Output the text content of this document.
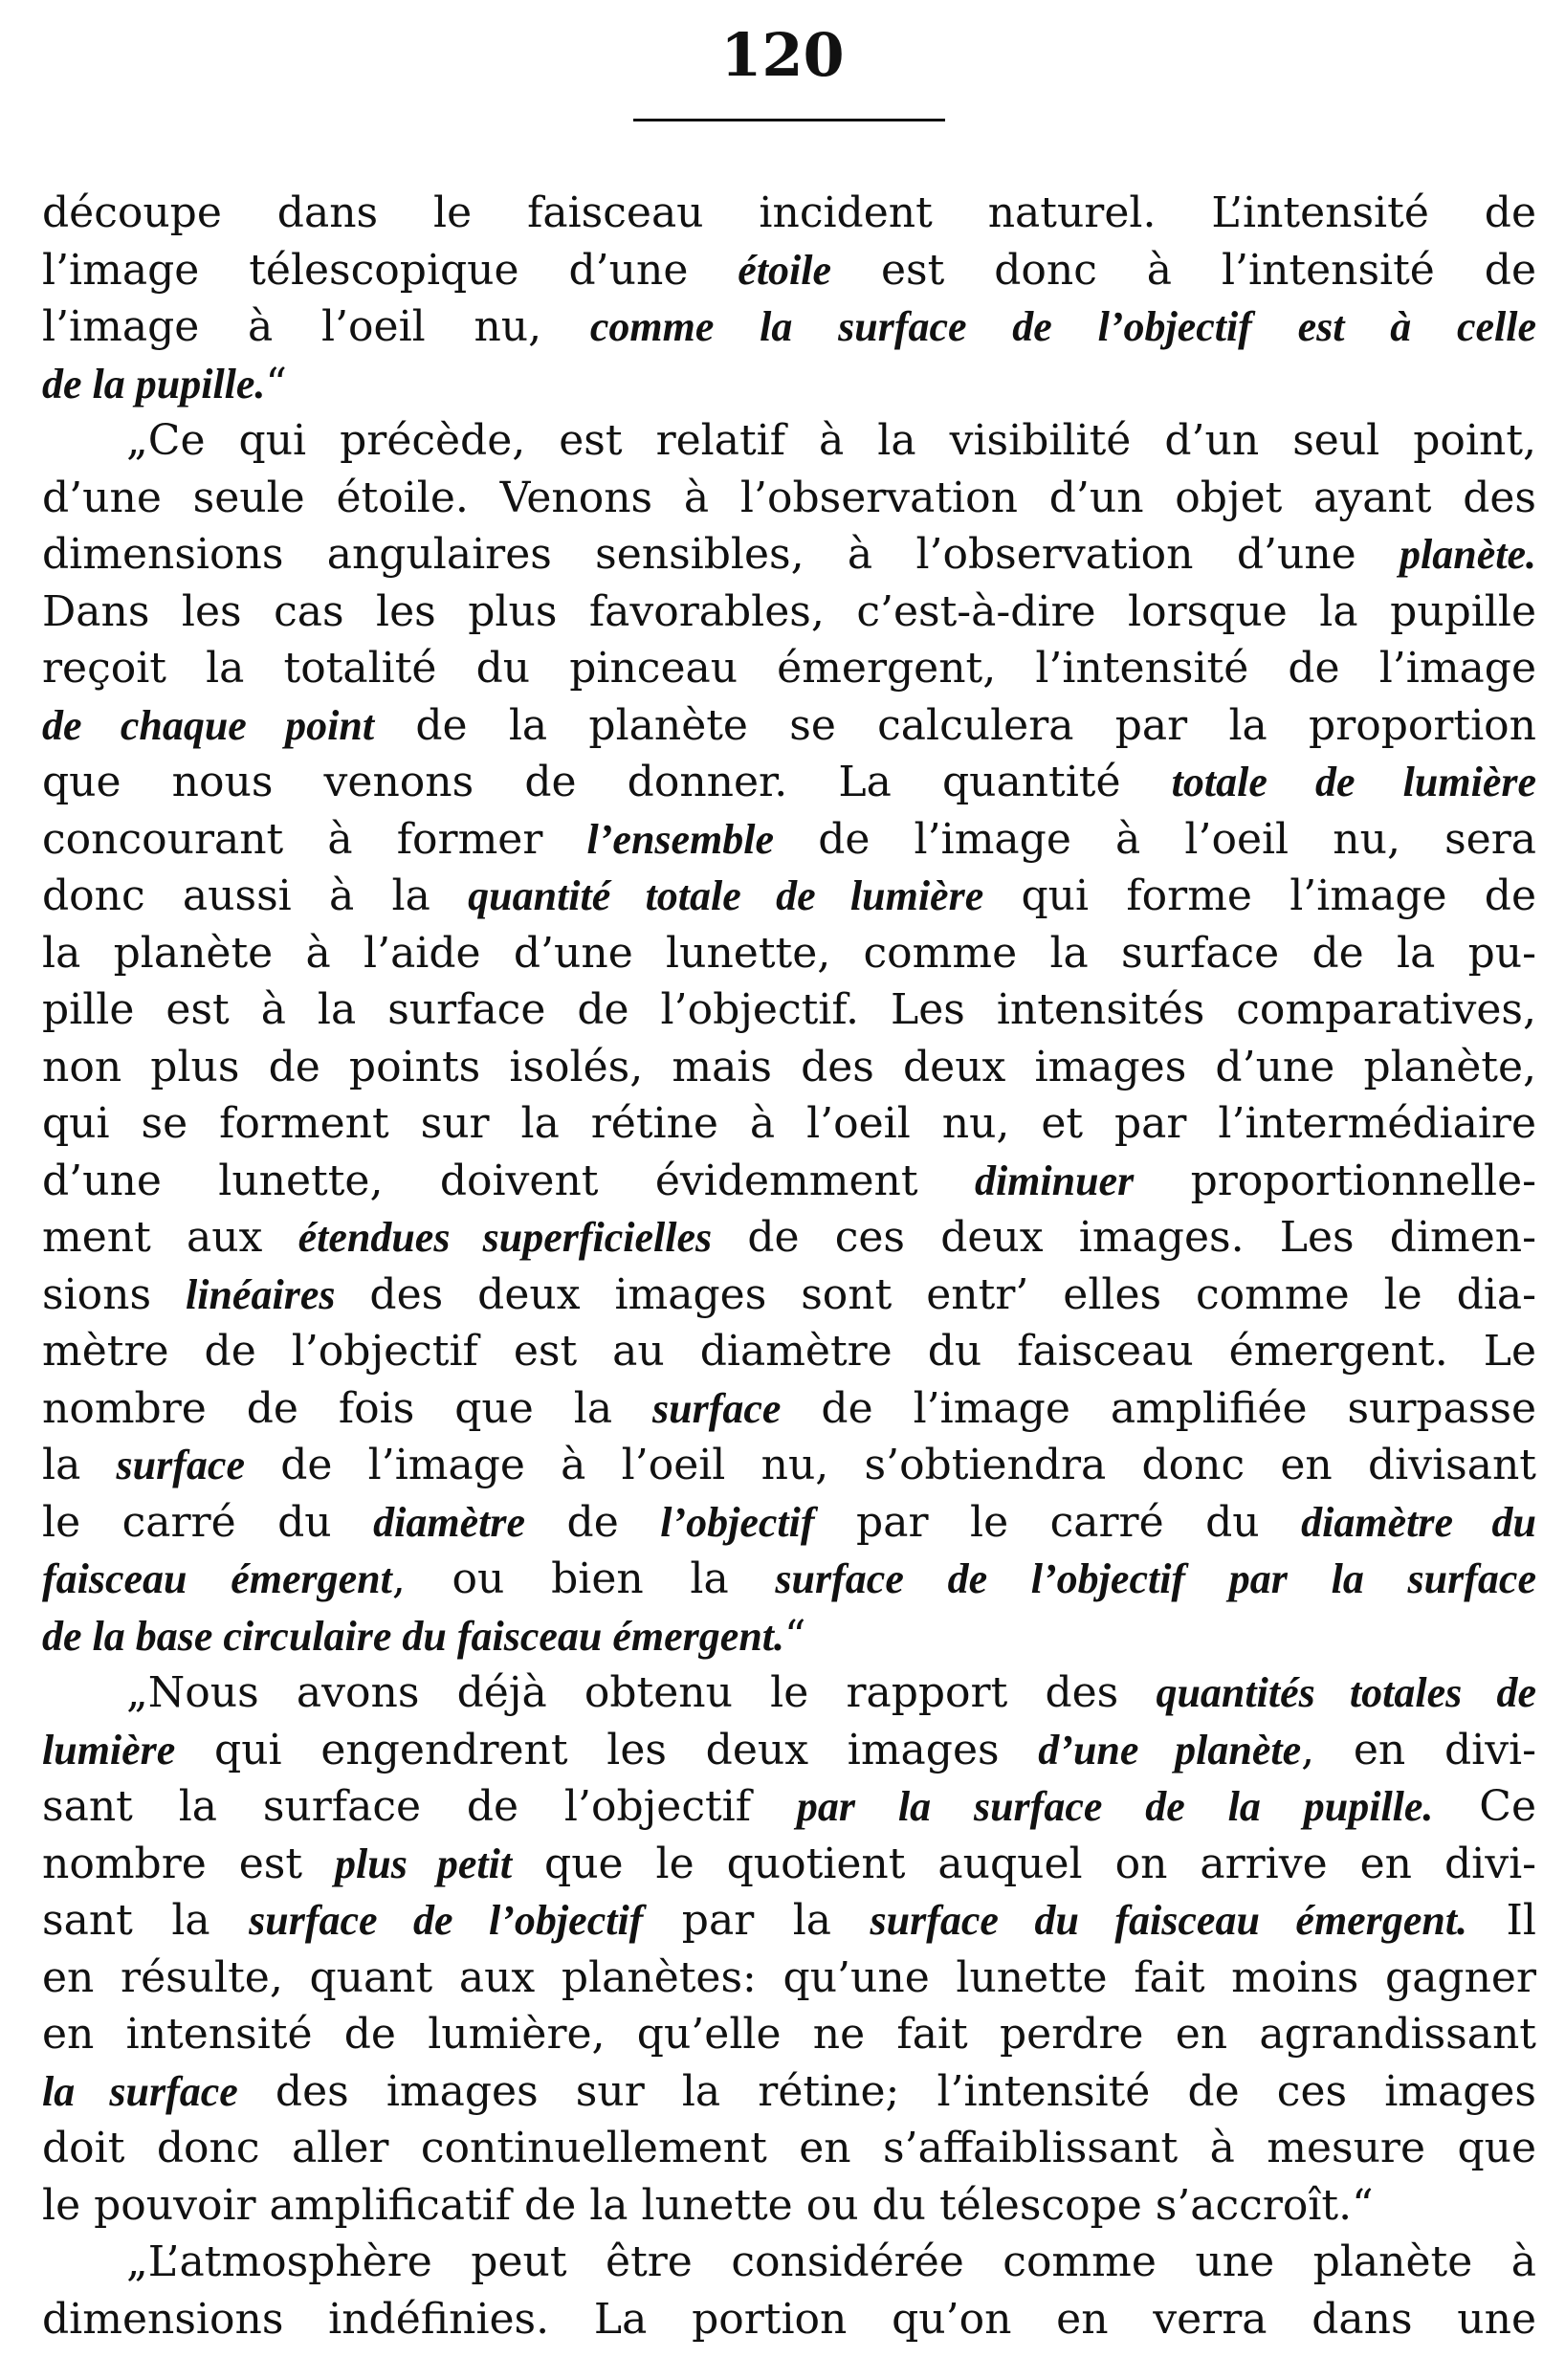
120
découpe dans le faisceau incident naturel. L’intensité de
l’image télescopique d’une étoile est donc à l’intensité de
l’image à l’oeil nu, comme la surface de l’objectif est à celle
de la pupille.“
„Ce qui précède, est relatif à la visibilité d’un seul point,
d’une seule étoile. Venons à l’observation d’un objet ayant des
dimensions angulaires sensibles, à l’observation d’une planète.
Dans les cas les plus favorables, c’est-à-dire lorsque la pupille
reçoit la totalité du pinceau émergent, l’intensité de l’image
de chaque point de la planète se calculera par la proportion
que nous venons de donner. La quantité totale de lumière
concourant à former l’ensemble de l’image à l’oeil nu, sera
donc aussi à la quantité totale de lumière qui forme l’image de
la planète à l’aide d’une lunette, comme la surface de la pu-
pille est à la surface de l’objectif. Les intensités comparatives,
non plus de points isolés, mais des deux images d’une planète,
qui se forment sur la rétine à l’oeil nu, et par l’intermédiaire
d’une lunette, doivent évidemment diminuer proportionnelle-
ment aux étendues superficielles de ces deux images. Les dimen-
sions linéaires des deux images sont entr’ elles comme le dia-
mètre de l’objectif est au diamètre du faisceau émergent. Le
nombre de fois que la surface de l’image amplifiée surpasse
la surface de l’image à l’oeil nu, s’obtiendra donc en divisant
le carré du diamètre de l’objectif par le carré du diamètre du
faisceau émergent, ou bien la surface de l’objectif par la surface
de la base circulaire du faisceau émergent.“
„Nous avons déjà obtenu le rapport des quantités totales de
lumière qui engendrent les deux images d’une planète, en divi-
sant la surface de l’objectif par la surface de la pupille. Ce
nombre est plus petit que le quotient auquel on arrive en divi-
sant la surface de l’objectif par la surface du faisceau émergent. Il
en résulte, quant aux planètes: qu’une lunette fait moins gagner
en intensité de lumière, qu’elle ne fait perdre en agrandissant
la surface des images sur la rétine; l’intensité de ces images
doit donc aller continuellement en s’affaiblissant à mesure que
le pouvoir amplificatif de la lunette ou du télescope s’accroît.“
„L’atmosphère peut être considérée comme une planète à
dimensions indéfinies. La portion qu’on en verra dans une
